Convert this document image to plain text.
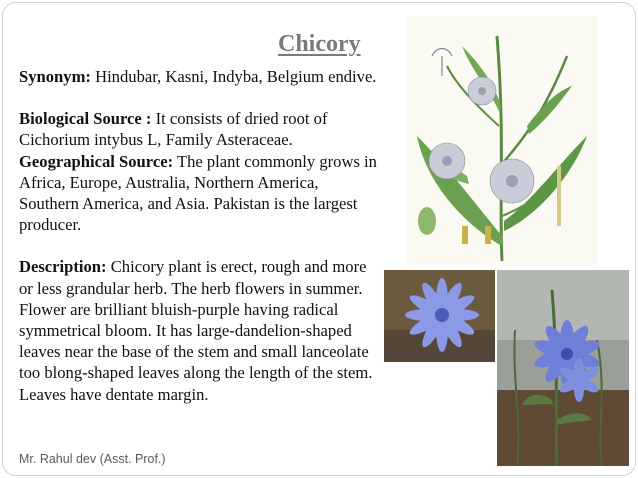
Chicory

Synonym: Hindubar, Kasni, Indyba, Belgium endive.

Biological Source : It consists of dried root of Cichorium intybus L, Family Asteraceae.

Geographical Source: The plant commonly grows in Africa, Europe, Australia, Northern America, Southern America, and Asia. Pakistan is the largest producer.

Description: Chicory plant is erect, rough and more or less grandular herb. The herb flowers in summer. Flower are brilliant bluish-purple having radical symmetrical bloom. It has large-dandelion-shaped leaves near the base of the stem and small lanceolate too blong-shaped leaves along the length of the stem. Leaves have dentate margin.

Mr. Rahul dev (Asst. Prof.)
